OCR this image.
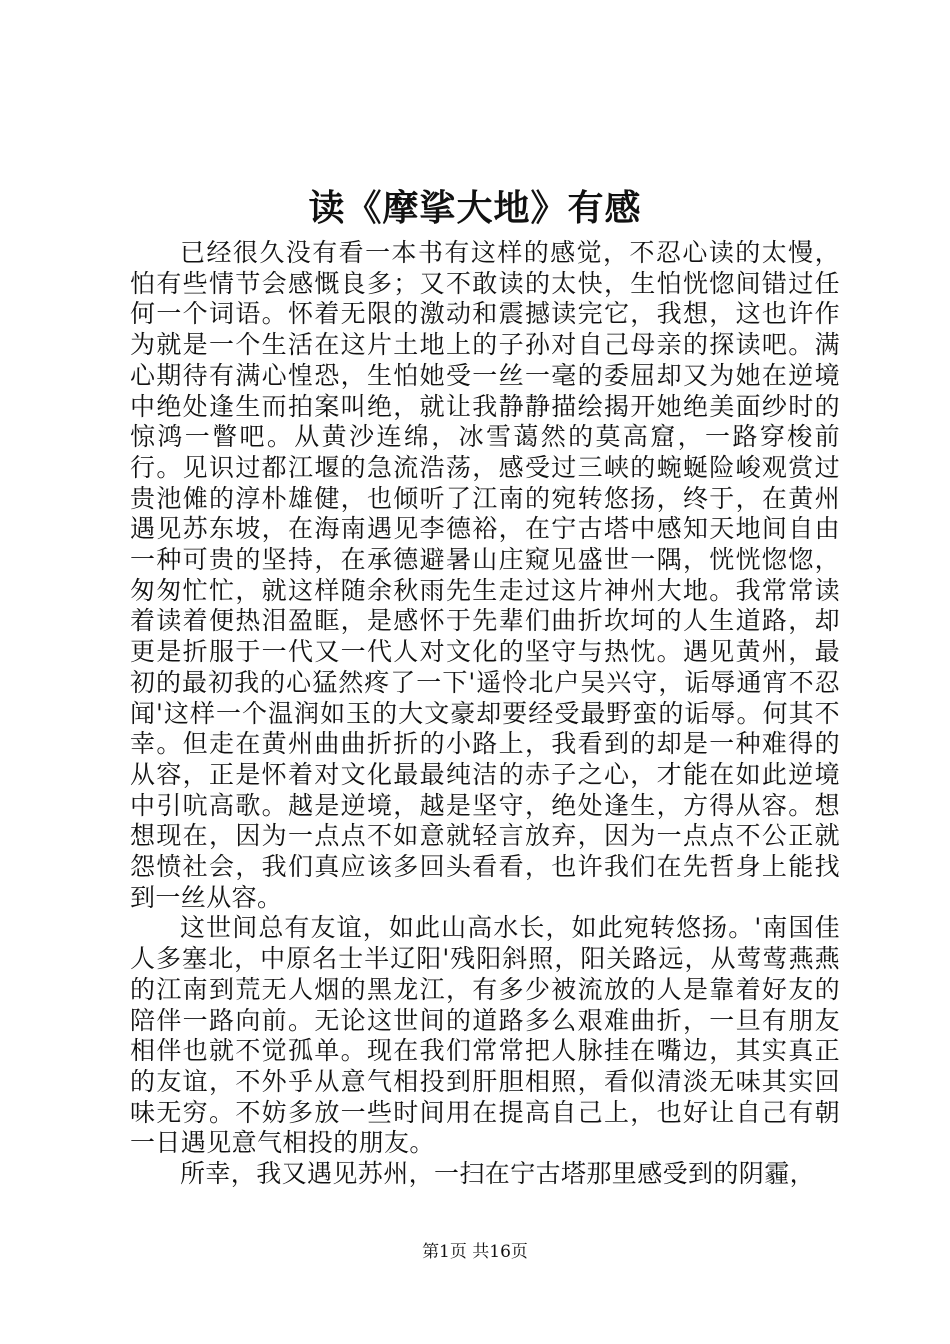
读《摩挲大地》有感

已经很久没有看一本书有这样的感觉，不忍心读的太慢，怕有些情节会感慨良多；又不敢读的太快，生怕恍惚间错过任何一个词语。怀着无限的激动和震撼读完它，我想，这也许作为就是一个生活在这片土地上的子孙对自己母亲的探读吧。满心期待有满心惶恐，生怕她受一丝一毫的委屈却又为她在逆境中绝处逢生而拍案叫绝，就让我静静描绘揭开她绝美面纱时的惊鸿一瞥吧。从黄沙连绵，冰雪蔼然的莫高窟，一路穿梭前行。见识过都江堰的急流浩荡，感受过三峡的蜿蜒险峻观赏过贵池傩的淳朴雄健，也倾听了江南的宛转悠扬，终于，在黄州遇见苏东坡，在海南遇见李德裕，在宁古塔中感知天地间自由一种可贵的坚持，在承德避暑山庄窥见盛世一隅，恍恍惚惚，匆匆忙忙，就这样随余秋雨先生走过这片神州大地。我常常读着读着便热泪盈眶，是感怀于先辈们曲折坎坷的人生道路，却更是折服于一代又一代人对文化的坚守与热忱。遇见黄州，最初的最初我的心猛然疼了一下'遥怜北户吴兴守，诟辱通宵不忍闻'这样一个温润如玉的大文豪却要经受最野蛮的诟辱。何其不幸。但走在黄州曲曲折折的小路上，我看到的却是一种难得的从容，正是怀着对文化最最纯洁的赤子之心，才能在如此逆境中引吭高歌。越是逆境，越是坚守，绝处逢生，方得从容。想想现在，因为一点点不如意就轻言放弃，因为一点点不公正就怨愤社会，我们真应该多回头看看，也许我们在先哲身上能找到一丝从容。

这世间总有友谊，如此山高水长，如此宛转悠扬。'南国佳人多塞北，中原名士半辽阳'残阳斜照，阳关路远，从莺莺燕燕的江南到荒无人烟的黑龙江，有多少被流放的人是靠着好友的陪伴一路向前。无论这世间的道路多么艰难曲折，一旦有朋友相伴也就不觉孤单。现在我们常常把人脉挂在嘴边，其实真正的友谊，不外乎从意气相投到肝胆相照，看似清淡无味其实回味无穷。不妨多放一些时间用在提高自己上，也好让自己有朝一日遇见意气相投的朋友。

所幸，我又遇见苏州，一扫在宁古塔那里感受到的阴霾，

第1页 共16页
